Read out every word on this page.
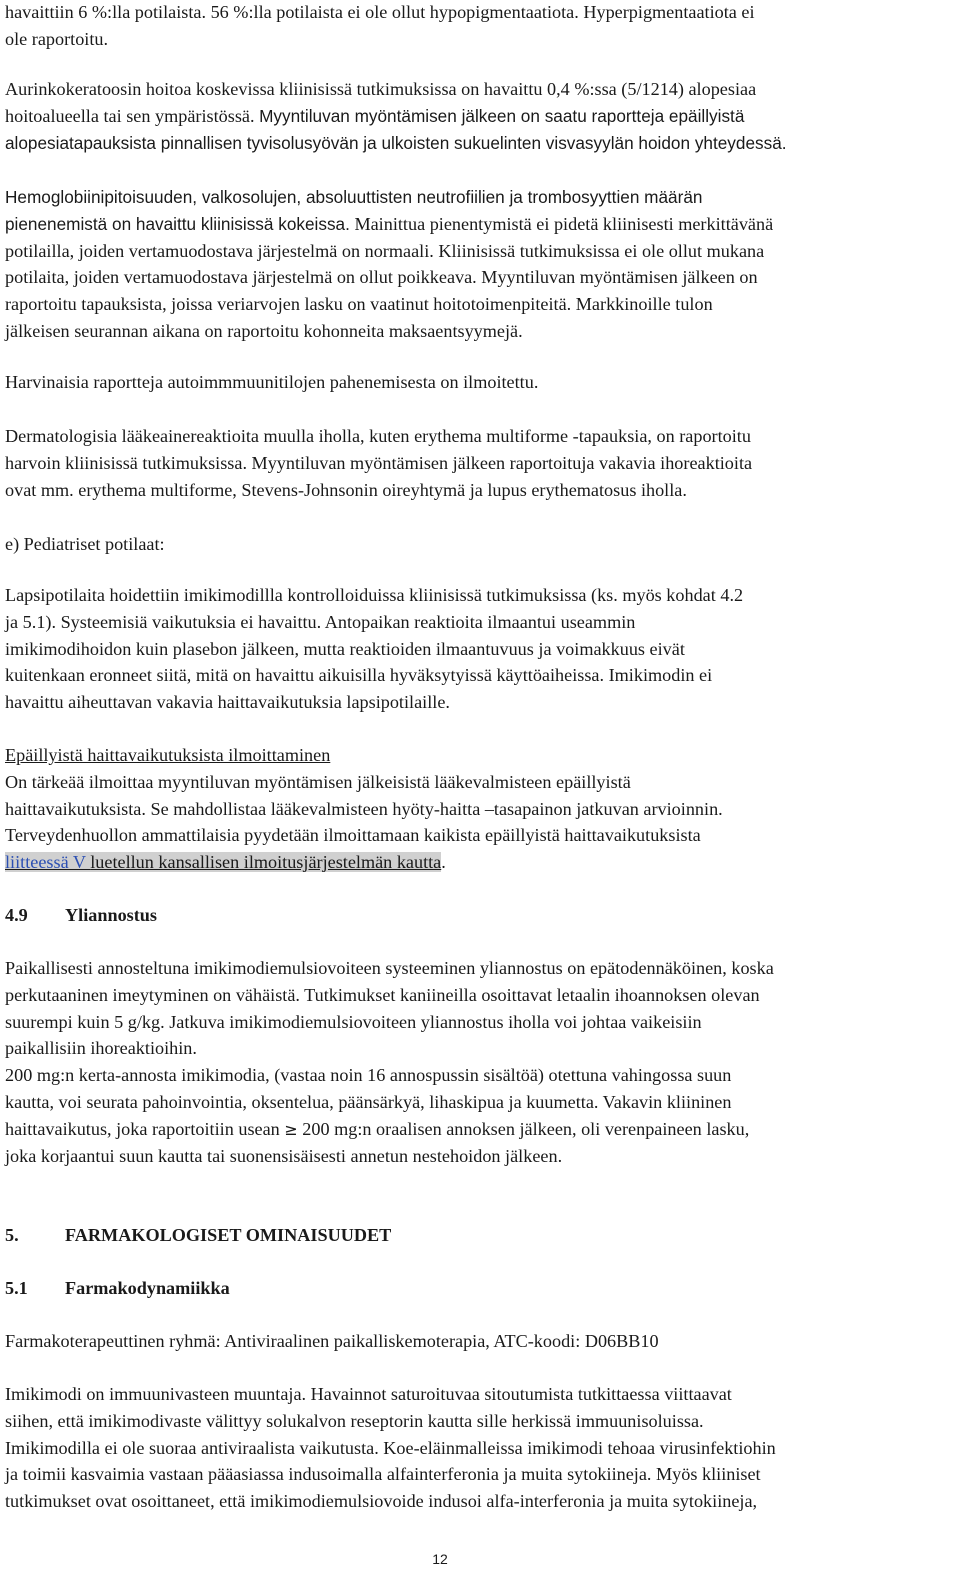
havaittiin 6 %:lla potilaista. 56 %:lla potilaista ei ole ollut hypopigmentaatiota. Hyperpigmentaatiota ei
ole raportoitu.

Aurinkokeratoosin hoitoa koskevissa kliinisissä tutkimuksissa on havaittu 0,4 %:ssa (5/1214) alopesiaa
hoitoalueella tai sen ympäristössä. Myyntiluvan myöntämisen jälkeen on saatu raportteja epäillyistä
alopesiatapauksista pinnallisen tyvisolusyövän ja ulkoisten sukuelinten visvasyylän hoidon yhteydessä.

Hemoglobiinipitoisuuden, valkosolujen, absoluuttisten neutrofiilien ja trombosyyttien määrän
pienenemistä on havaittu kliinisissä kokeissa. Mainittua pienentymistä ei pidetä kliinisesti merkittävänä
potilailla, joiden vertamuodostava järjestelmä on normaali. Kliinisissä tutkimuksissa ei ole ollut mukana
potilaita, joiden vertamuodostava järjestelmä on ollut poikkeava. Myyntiluvan myöntämisen jälkeen on
raportoitu tapauksista, joissa veriarvojen lasku on vaatinut hoitotoimenpiteitä. Markkinoille tulon
jälkeisen seurannan aikana on raportoitu kohonneita maksaentsyymejä.

Harvinaisia raportteja autoimmmuunitilojen pahenemisesta on ilmoitettu.

Dermatologisia lääkeainereaktioita muulla iholla, kuten erythema multiforme -tapauksia, on raportoitu
harvoin kliinisissä tutkimuksissa. Myyntiluvan myöntämisen jälkeen raportoituja vakavia ihoreaktioita
ovat mm. erythema multiforme, Stevens-Johnsonin oireyhtymä ja lupus erythematosus iholla.

e) Pediatriset potilaat:

Lapsipotilaita hoidettiin imikimodillla kontrolloiduissa kliinisissä tutkimuksissa (ks. myös kohdat 4.2
ja 5.1). Systeemisiä vaikutuksia ei havaittu. Antopaikan reaktioita ilmaantui useammin
imikimodihoidon kuin plasebon jälkeen, mutta reaktioiden ilmaantuvuus ja voimakkuus eivät
kuitenkaan eronneet siitä, mitä on havaittu aikuisilla hyväksytyissä käyttöaiheissa. Imikimodin ei
havaittu aiheuttavan vakavia haittavaikutuksia lapsipotilaille.

Epäillyistä haittavaikutuksista ilmoittaminen
On tärkeää ilmoittaa myyntiluvan myöntämisen jälkeisistä lääkevalmisteen epäillyistä
haittavaikutuksista. Se mahdollistaa lääkevalmisteen hyöty-haitta –tasapainon jatkuvan arvioinnin.
Terveydenhuollon ammattilaisia pyydetään ilmoittamaan kaikista epäillyistä haittavaikutuksista
liitteessä V luetellun kansallisen ilmoitusjärjestelmän kautta.

4.9 Yliannostus

Paikallisesti annosteltuna imikimodiemulsiovoiteen systeeminen yliannostus on epätodennäköinen, koska
perkutaaninen imeytyminen on vähäistä. Tutkimukset kaniineilla osoittavat letaalin ihoannoksen olevan
suurempi kuin 5 g/kg. Jatkuva imikimodiemulsiovoiteen yliannostus iholla voi johtaa vaikeisiin
paikallisiin ihoreaktioihin.

200 mg:n kerta-annosta imikimodia, (vastaa noin 16 annospussin sisältöä) otettuna vahingossa suun
kautta, voi seurata pahoinvointia, oksentelua, päänsärkyä, lihaskipua ja kuumetta. Vakavin kliininen
haittavaikutus, joka raportoitiin usean ≥ 200 mg:n oraalisen annoksen jälkeen, oli verenpaineen lasku,
joka korjaantui suun kautta tai suonensisäisesti annetun nestehoidon jälkeen.

5.	FARMAKOLOGISET OMINAISUUDET

5.1 Farmakodynamiikka

Farmakoterapeuttinen ryhmä: Antiviraalinen paikalliskemoterapia, ATC-koodi: D06BB10

Imikimodi on immuunivasteen muuntaja. Havainnot saturoituvaa sitoutumista tutkittaessa viittaavat
siihen, että imikimodivaste välittyy solukalvon reseptorin kautta sille herkissä immuunisoluissa.
Imikimodilla ei ole suoraa antiviraalista vaikutusta. Koe-eläinmalleissa imikimodi tehoaa virusinfektiohin
ja toimii kasvaimia vastaan pääasiassa indusoimalla alfainterferonia ja muita sytokiineja. Myös kliiniset
tutkimukset ovat osoittaneet, että imikimodiemulsiovoide indusoi alfa-interferonia ja muita sytokiineja,

12
